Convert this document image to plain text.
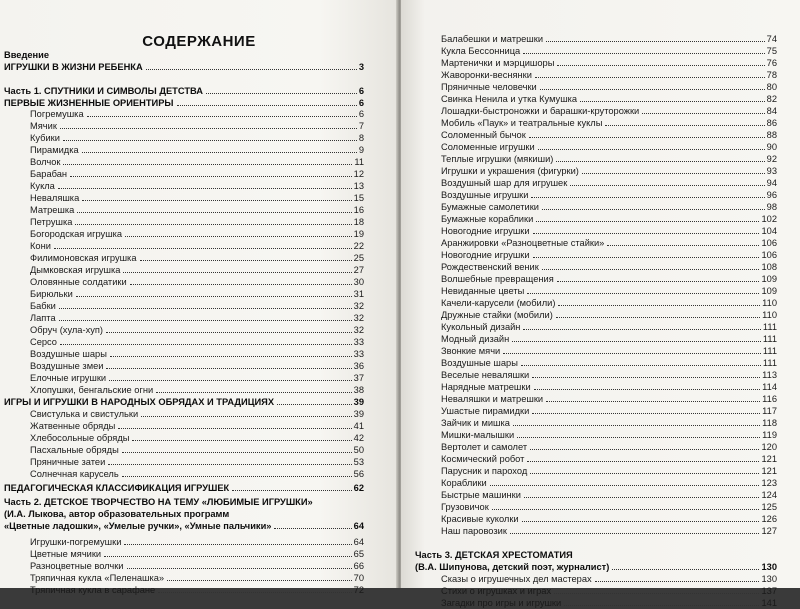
СОДЕРЖАНИЕ
Введение
ИГРУШКИ В ЖИЗНИ РЕБЕНКА	3
Часть 1. СПУТНИКИ И СИМВОЛЫ ДЕТСТВА	6
ПЕРВЫЕ ЖИЗНЕННЫЕ ОРИЕНТИРЫ	6
Погремушка	6
Мячик	7
Кубики	8
Пирамидка	9
Волчок	11
Барабан	12
Кукла	13
Неваляшка	15
Матрешка	16
Петрушка	18
Богородская игрушка	19
Кони	22
Филимоновская игрушка	25
Дымковская игрушка	27
Оловянные солдатики	30
Бирюльки	31
Бабки	32
Лапта	32
Обруч (хула-хуп)	32
Серсо	33
Воздушные шары	33
Воздушные змеи	36
Елочные игрушки	37
Хлопушки, бенгальские огни	38
ИГРЫ И ИГРУШКИ В НАРОДНЫХ ОБРЯДАХ И ТРАДИЦИЯХ	39
Свистулька и свистульки	39
Жатвенные обряды	41
Хлебосольные обряды	42
Пасхальные обряды	50
Пряничные затеи	53
Солнечная карусель	56
ПЕДАГОГИЧЕСКАЯ КЛАССИФИКАЦИЯ ИГРУШЕК	62
Часть 2. ДЕТСКОЕ ТВОРЧЕСТВО НА ТЕМУ «ЛЮБИМЫЕ ИГРУШКИ»
(И.А. Лыкова, автор образовательных программ
«Цветные ладошки», «Умелые ручки», «Умные пальчики»	64
Игрушки-погремушки	64
Цветные мячики	65
Разноцветные волчки	66
Тряпичная кукла «Пеленашка»	70
Тряпичная кукла в сарафане	72
Балабешки и матрешки	74
Кукла Бессонница	75
Мартенички и мэрцишоры	76
Жаворонки-веснянки	78
Пряничные человечки	80
Свинка Ненила и утка Кумушка	82
Лошадки-быстроножки и барашки-круторожки	84
Мобиль «Паук» и театральные куклы	86
Соломенный бычок	88
Соломенные игрушки	90
Теплые игрушки (мякиши)	92
Игрушки и украшения (фигурки)	93
Воздушный шар для игрушек	94
Воздушные игрушки	96
Бумажные самолетики	98
Бумажные кораблики	102
Новогодние игрушки	104
Аранжировки «Разноцветные стайки»	106
Новогодние игрушки	106
Рождественский веник	108
Волшебные превращения	109
Невиданные цветы	109
Качели-карусели (мобили)	110
Дружные стайки (мобили)	110
Кукольный дизайн	111
Модный дизайн	111
Звонкие мячи	111
Воздушные шары	111
Веселые неваляшки	113
Нарядные матрешки	114
Неваляшки и матрешки	116
Ушастые пирамидки	117
Зайчик и мишка	118
Мишки-малышки	119
Вертолет и самолет	120
Космический робот	121
Парусник и пароход	121
Кораблики	123
Быстрые машинки	124
Грузовичок	125
Красивые куколки	126
Наш паровозик	127
Часть 3. ДЕТСКАЯ ХРЕСТОМАТИЯ
(В.А. Шипунова, детский поэт, журналист)	130
Сказы о игрушечных дел мастерах	130
Стихи о игрушках и играх	137
Загадки про игры и игрушки	141
